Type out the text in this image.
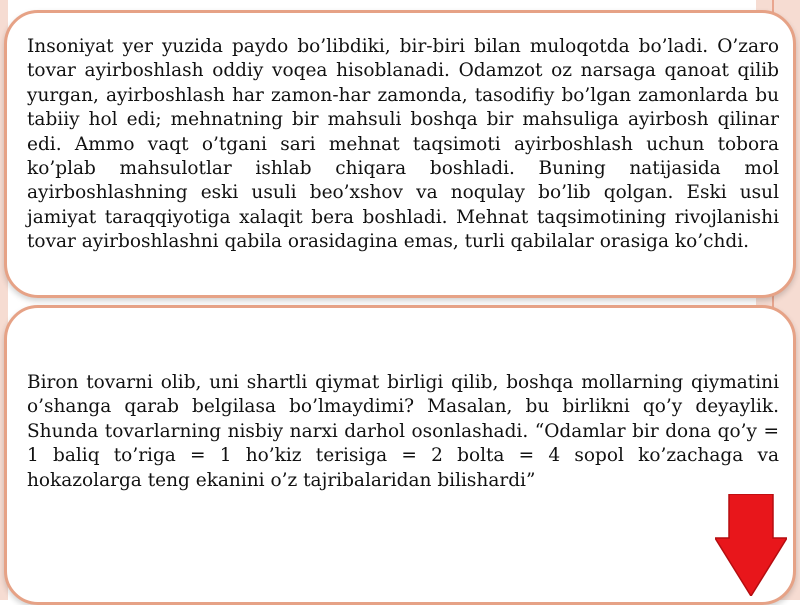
Insoniyat yer yuzida paydo bo’libdiki, bir-biri bilan muloqotda bo’ladi. O’zaro tovar ayirboshlash oddiy voqea hisoblanadi. Odamzot oz narsaga qanoat qilib yurgan, ayirboshlash har zamon-har zamonda, tasodifiy bo’lgan zamonlarda bu tabiiy hol edi; mehnatning bir mahsuli boshqa bir mahsuliga ayirbosh qilinar edi. Ammo vaqt o’tgani sari mehnat taqsimoti ayirboshlash uchun tobora ko’plab mahsulotlar ishlab chiqara boshladi. Buning natijasida mol ayirboshlashning eski usuli beo’xshov va noqulay bo’lib qolgan. Eski usul jamiyat taraqqiyotiga xalaqit bera boshladi. Mehnat taqsimotining rivojlanishi tovar ayirboshlashni qabila orasidagina emas, turli qabilalar orasiga ko’chdi.

Biron tovarni olib, uni shartli qiymat birligi qilib, boshqa mollarning qiymatini o’shanga qarab belgilasa bo’lmaydimi? Masalan, bu birlikni qo’y deyaylik. Shunda tovarlarning nisbiy narxi darhol osonlashadi. “Odamlar bir dona qo’y = 1 baliq to’riga = 1 ho’kiz terisiga = 2 bolta = 4 sopol ko’zachaga va hokazolarga teng ekanini o’z tajribalaridan bilishardi”
